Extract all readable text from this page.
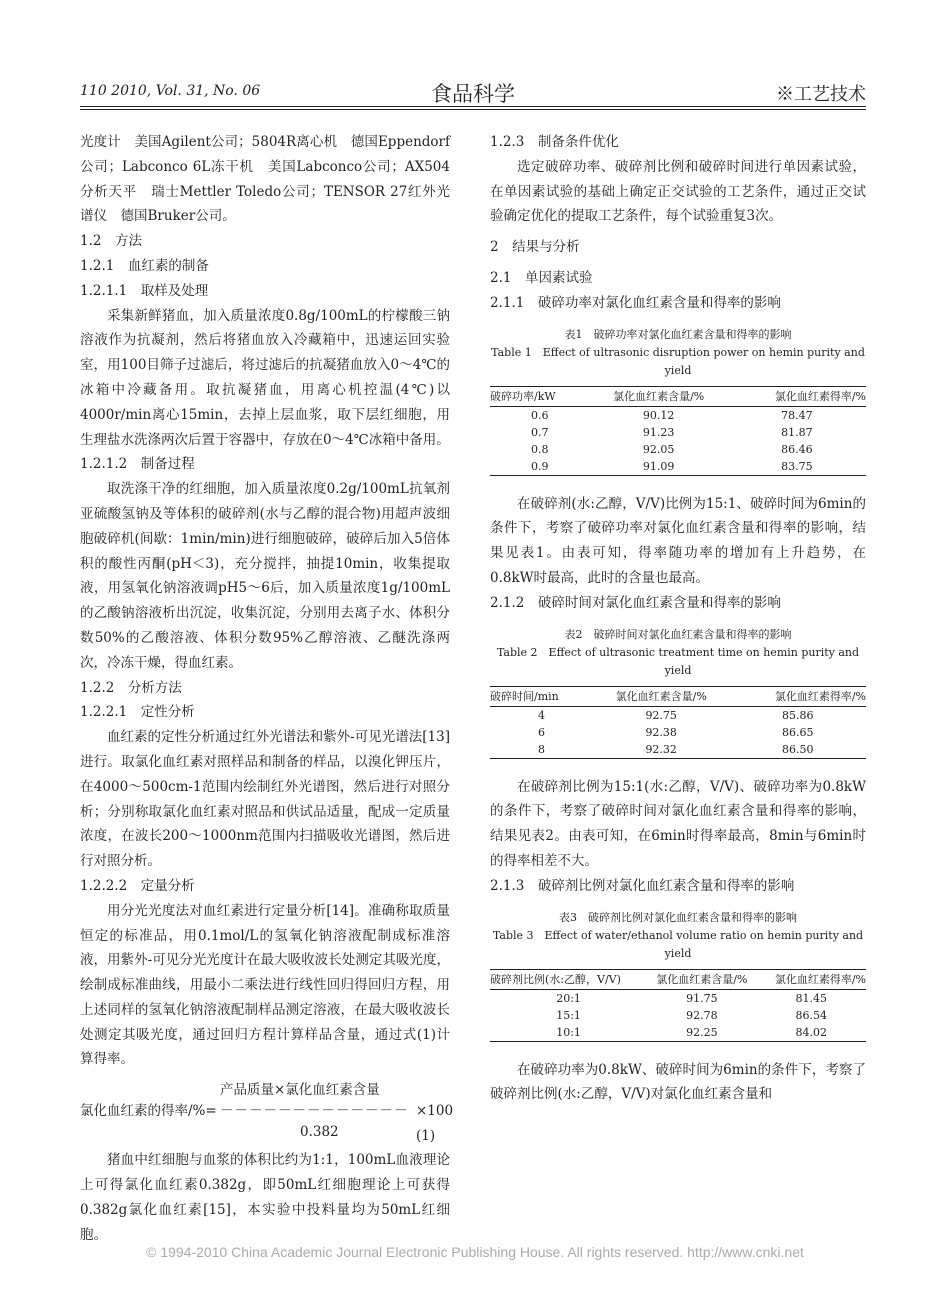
110 2010, Vol. 31, No. 06	食品科学	※工艺技术

光度计　美国Agilent公司；5804R离心机　德国Eppendorf公司；Labconco 6L冻干机　美国Labconco公司；AX504分析天平　瑞士Mettler Toledo公司；TENSOR 27红外光谱仪　德国Bruker公司。

1.2　方法

1.2.1　血红素的制备

1.2.1.1　取样及处理

采集新鲜猪血，加入质量浓度0.8g/100mL的柠檬酸三钠溶液作为抗凝剂，然后将猪血放入冷藏箱中，迅速运回实验室，用100目筛子过滤后，将过滤后的抗凝猪血放入0～4℃的冰箱中冷藏备用。取抗凝猪血，用离心机控温(4℃)以4000r/min离心15min，去掉上层血浆，取下层红细胞，用生理盐水洗涤两次后置于容器中，存放在0～4℃冰箱中备用。

1.2.1.2　制备过程

取洗涤干净的红细胞，加入质量浓度0.2g/100mL抗氧剂亚硫酸氢钠及等体积的破碎剂(水与乙醇的混合物)用超声波细胞破碎机(间歇：1min/min)进行细胞破碎，破碎后加入5倍体积的酸性丙酮(pH＜3)，充分搅拌，抽提10min，收集提取液，用氢氧化钠溶液调pH5～6后，加入质量浓度1g/100mL的乙酸钠溶液析出沉淀，收集沉淀，分别用去离子水、体积分数50%的乙酸溶液、体积分数95%乙醇溶液、乙醚洗涤两次，冷冻干燥，得血红素。

1.2.2　分析方法

1.2.2.1　定性分析

血红素的定性分析通过红外光谱法和紫外-可见光谱法[13]进行。取氯化血红素对照样品和制备的样品，以溴化钾压片，在4000～500cm-1范围内绘制红外光谱图，然后进行对照分析；分别称取氯化血红素对照品和供试品适量，配成一定质量浓度，在波长200～1000nm范围内扫描吸收光谱图，然后进行对照分析。

1.2.2.2　定量分析

用分光光度法对血红素进行定量分析[14]。准确称取质量恒定的标准品，用0.1mol/L的氢氧化钠溶液配制成标准溶液，用紫外-可见分光光度计在最大吸收波长处测定其吸光度，绘制成标准曲线，用最小二乘法进行线性回归得回归方程，用上述同样的氢氧化钠溶液配制样品测定溶液，在最大吸收波长处测定其吸光度，通过回归方程计算样品含量，通过式(1)计算得率。

氯化血红素的得率/%=
产品质量×氯化血红素含量
－－－－－－－－－－－－－ ×100 (1)
0.382

猪血中红细胞与血浆的体积比约为1:1，100mL血液理论上可得氯化血红素0.382g，即50mL红细胞理论上可获得0.382g氯化血红素[15]，本实验中投料量均为50mL红细胞。

1.2.3　制备条件优化

选定破碎功率、破碎剂比例和破碎时间进行单因素试验，在单因素试验的基础上确定正交试验的工艺条件，通过正交试验确定优化的提取工艺条件，每个试验重复3次。

2　结果与分析

2.1　单因素试验

2.1.1　破碎功率对氯化血红素含量和得率的影响

表1　破碎功率对氯化血红素含量和得率的影响
Table 1　Effect of ultrasonic disruption power on hemin purity and yield
破碎功率/kW	氯化血红素含量/%	氯化血红素得率/%
0.6	90.12	78.47
0.7	91.23	81.87
0.8	92.05	86.46
0.9	91.09	83.75

在破碎剂(水:乙醇，V/V)比例为15:1、破碎时间为6min的条件下，考察了破碎功率对氯化血红素含量和得率的影响，结果见表1。由表可知，得率随功率的增加有上升趋势，在0.8kW时最高，此时的含量也最高。

2.1.2　破碎时间对氯化血红素含量和得率的影响

表2　破碎时间对氯化血红素含量和得率的影响
Table 2　Effect of ultrasonic treatment time on hemin purity and yield
破碎时间/min	氯化血红素含量/%	氯化血红素得率/%
4	92.75	85.86
6	92.38	86.65
8	92.32	86.50

在破碎剂比例为15:1(水:乙醇，V/V)、破碎功率为0.8kW的条件下，考察了破碎时间对氯化血红素含量和得率的影响，结果见表2。由表可知，在6min时得率最高，8min与6min时的得率相差不大。

2.1.3　破碎剂比例对氯化血红素含量和得率的影响

表3　破碎剂比例对氯化血红素含量和得率的影响
Table 3　Effect of water/ethanol volume ratio on hemin purity and yield
破碎剂比例(水:乙醇，V/V)	氯化血红素含量/%	氯化血红素得率/%
20:1	91.75	81.45
15:1	92.78	86.54
10:1	92.25	84.02

在破碎功率为0.8kW、破碎时间为6min的条件下，考察了破碎剂比例(水:乙醇，V/V)对氯化血红素含量和

© 1994-2010 China Academic Journal Electronic Publishing House. All rights reserved. http://www.cnki.net
